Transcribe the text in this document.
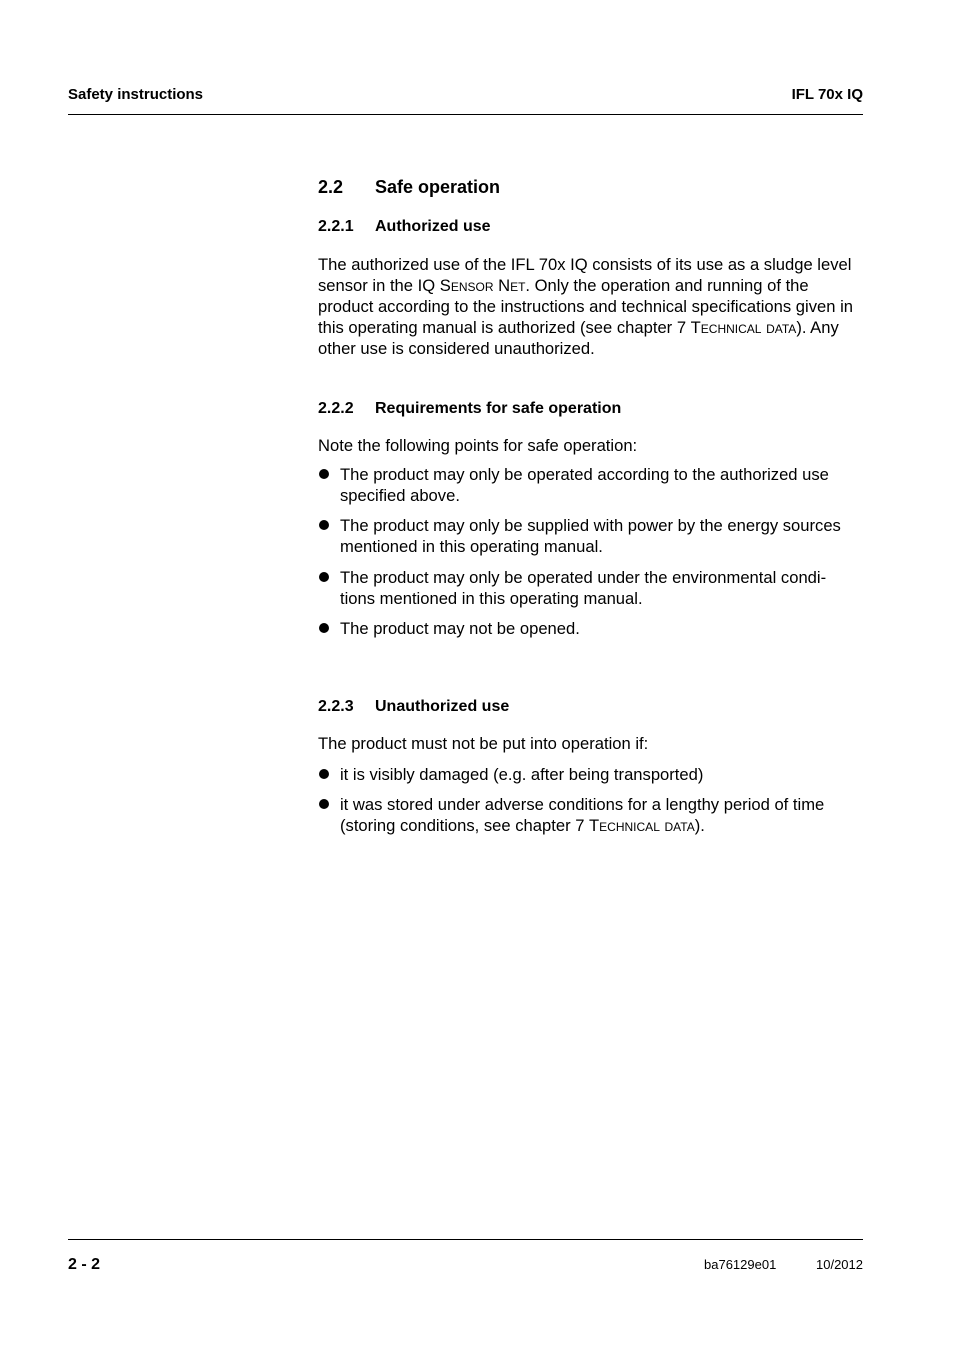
Safety instructions	IFL 70x IQ
2.2 Safe operation
2.2.1 Authorized use
The authorized use of the IFL 70x IQ consists of its use as a sludge level sensor in the IQ Sensor Net. Only the operation and running of the product according to the instructions and technical specifications given in this operating manual is authorized (see chapter 7 Technical data). Any other use is considered unauthorized.
2.2.2 Requirements for safe operation
Note the following points for safe operation:
The product may only be operated according to the authorized use specified above.
The product may only be supplied with power by the energy sources mentioned in this operating manual.
The product may only be operated under the environmental condi- tions mentioned in this operating manual.
The product may not be opened.
2.2.3 Unauthorized use
The product must not be put into operation if:
it is visibly damaged (e.g. after being transported)
it was stored under adverse conditions for a lengthy period of time (storing conditions, see chapter 7 Technical data).
2 - 2	ba76129e01	10/2012
